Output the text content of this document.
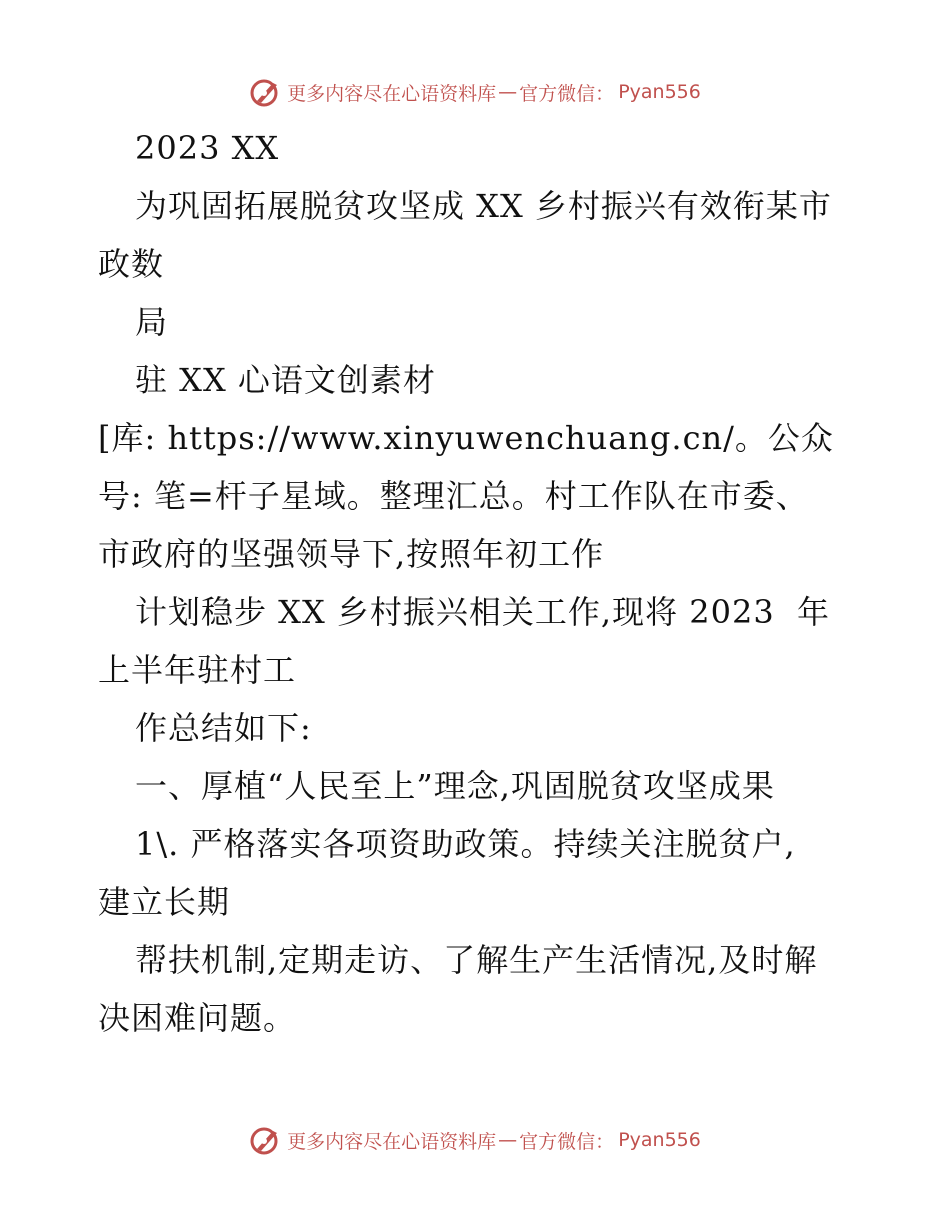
更多内容尽在心语资料库 — 官方微信： Pyan556
2023 XX
为巩固拓展脱贫攻坚成 XX 乡村振兴有效衔某市
政数
局
驻 XX 心语文创素材
[库: https://www.xinyuwenchuang.cn/。公众
号: 笔=杆子星域。整理汇总。村工作队在市委、
市政府的坚强领导下,按照年初工作
计划稳步 XX 乡村振兴相关工作,现将 2023  年
上半年驻村工
作总结如下:
一、厚植“人民至上”理念,巩固脱贫攻坚成果
1\. 严格落实各项资助政策。持续关注脱贫户,
建立长期
帮扶机制,定期走访、了解生产生活情况,及时解
决困难问题。
更多内容尽在心语资料库 — 官方微信： Pyan556
